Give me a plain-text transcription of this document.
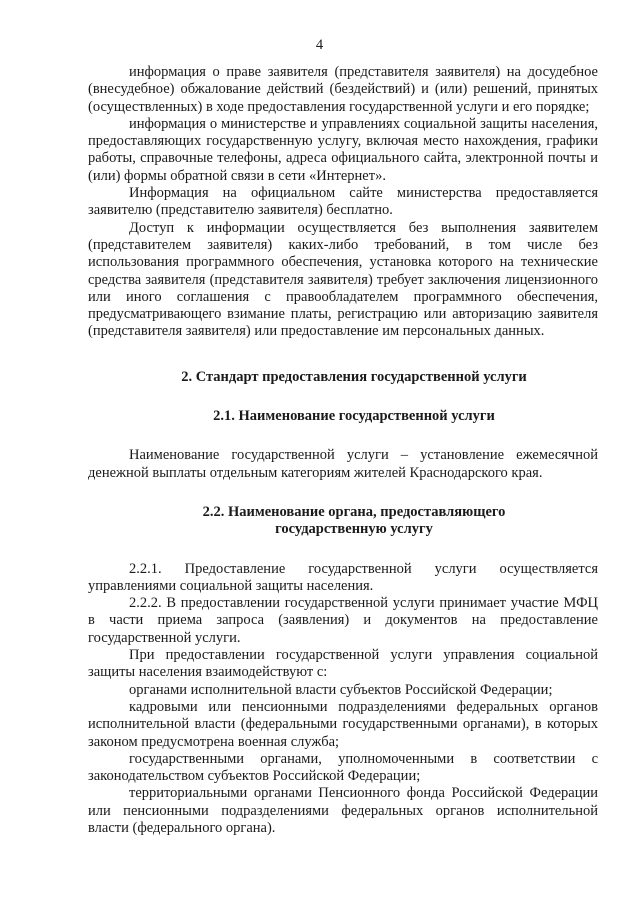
4

информация о праве заявителя (представителя заявителя) на досудебное (внесудебное) обжалование действий (бездействий) и (или) решений, принятых (осуществленных) в ходе предоставления государственной услуги и его порядке;

информация о министерстве и управлениях социальной защиты населения, предоставляющих государственную услугу, включая место нахождения, графики работы, справочные телефоны, адреса официального сайта, электронной почты и (или) формы обратной связи в сети «Интернет».

Информация на официальном сайте министерства предоставляется заявителю (представителю заявителя) бесплатно.

Доступ к информации осуществляется без выполнения заявителем (представителем заявителя) каких-либо требований, в том числе без использования программного обеспечения, установка которого на технические средства заявителя (представителя заявителя) требует заключения лицензионного или иного соглашения с правообладателем программного обеспечения, предусматривающего взимание платы, регистрацию или авторизацию заявителя (представителя заявителя) или предоставление им персональных данных.

2. Стандарт предоставления государственной услуги
2.1. Наименование государственной услуги

Наименование государственной услуги – установление ежемесячной денежной выплаты отдельным категориям жителей Краснодарского края.

2.2. Наименование органа, предоставляющего
государственную услугу

2.2.1. Предоставление государственной услуги осуществляется управлениями социальной защиты населения.

2.2.2. В предоставлении государственной услуги принимает участие МФЦ в части приема запроса (заявления) и документов на предоставление государственной услуги.

При предоставлении государственной услуги управления социальной защиты населения взаимодействуют с:

органами исполнительной власти субъектов Российской Федерации;

кадровыми или пенсионными подразделениями федеральных органов исполнительной власти (федеральными государственными органами), в которых законом предусмотрена военная служба;

государственными органами, уполномоченными в соответствии с законодательством субъектов Российской Федерации;

территориальными органами Пенсионного фонда Российской Федерации или пенсионными подразделениями федеральных органов исполнительной власти (федерального органа).
